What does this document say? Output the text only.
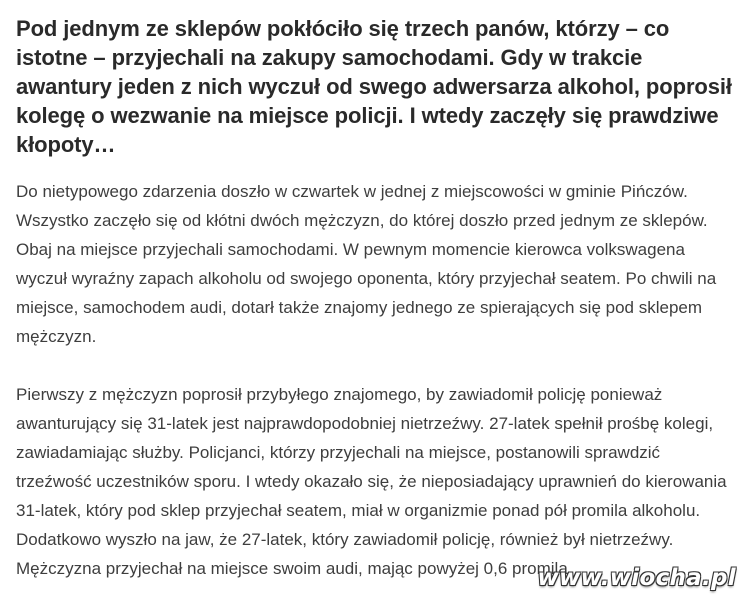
Pod jednym ze sklepów pokłóciło się trzech panów, którzy – co istotne – przyjechali na zakupy samochodami. Gdy w trakcie awantury jeden z nich wyczuł od swego adwersarza alkohol, poprosił kolegę o wezwanie na miejsce policji. I wtedy zaczęły się prawdziwe kłopoty…

Do nietypowego zdarzenia doszło w czwartek w jednej z miejscowości w gminie Pińczów. Wszystko zaczęło się od kłótni dwóch mężczyzn, do której doszło przed jednym ze sklepów. Obaj na miejsce przyjechali samochodami. W pewnym momencie kierowca volkswagena wyczuł wyraźny zapach alkoholu od swojego oponenta, który przyjechał seatem. Po chwili na miejsce, samochodem audi, dotarł także znajomy jednego ze spierających się pod sklepem mężczyzn.

Pierwszy z mężczyzn poprosił przybyłego znajomego, by zawiadomił policję ponieważ awanturujący się 31-latek jest najprawdopodobniej nietrzeźwy. 27-latek spełnił prośbę kolegi, zawiadamiając służby. Policjanci, którzy przyjechali na miejsce, postanowili sprawdzić trzeźwość uczestników sporu. I wtedy okazało się, że nieposiadający uprawnień do kierowania 31-latek, który pod sklep przyjechał seatem, miał w organizmie ponad pół promila alkoholu. Dodatkowo wyszło na jaw, że 27-latek, który zawiadomił policję, również był nietrzeźwy. Mężczyzna przyjechał na miejsce swoim audi, mając powyżej 0,6 promila.

www.wiocha.pl
